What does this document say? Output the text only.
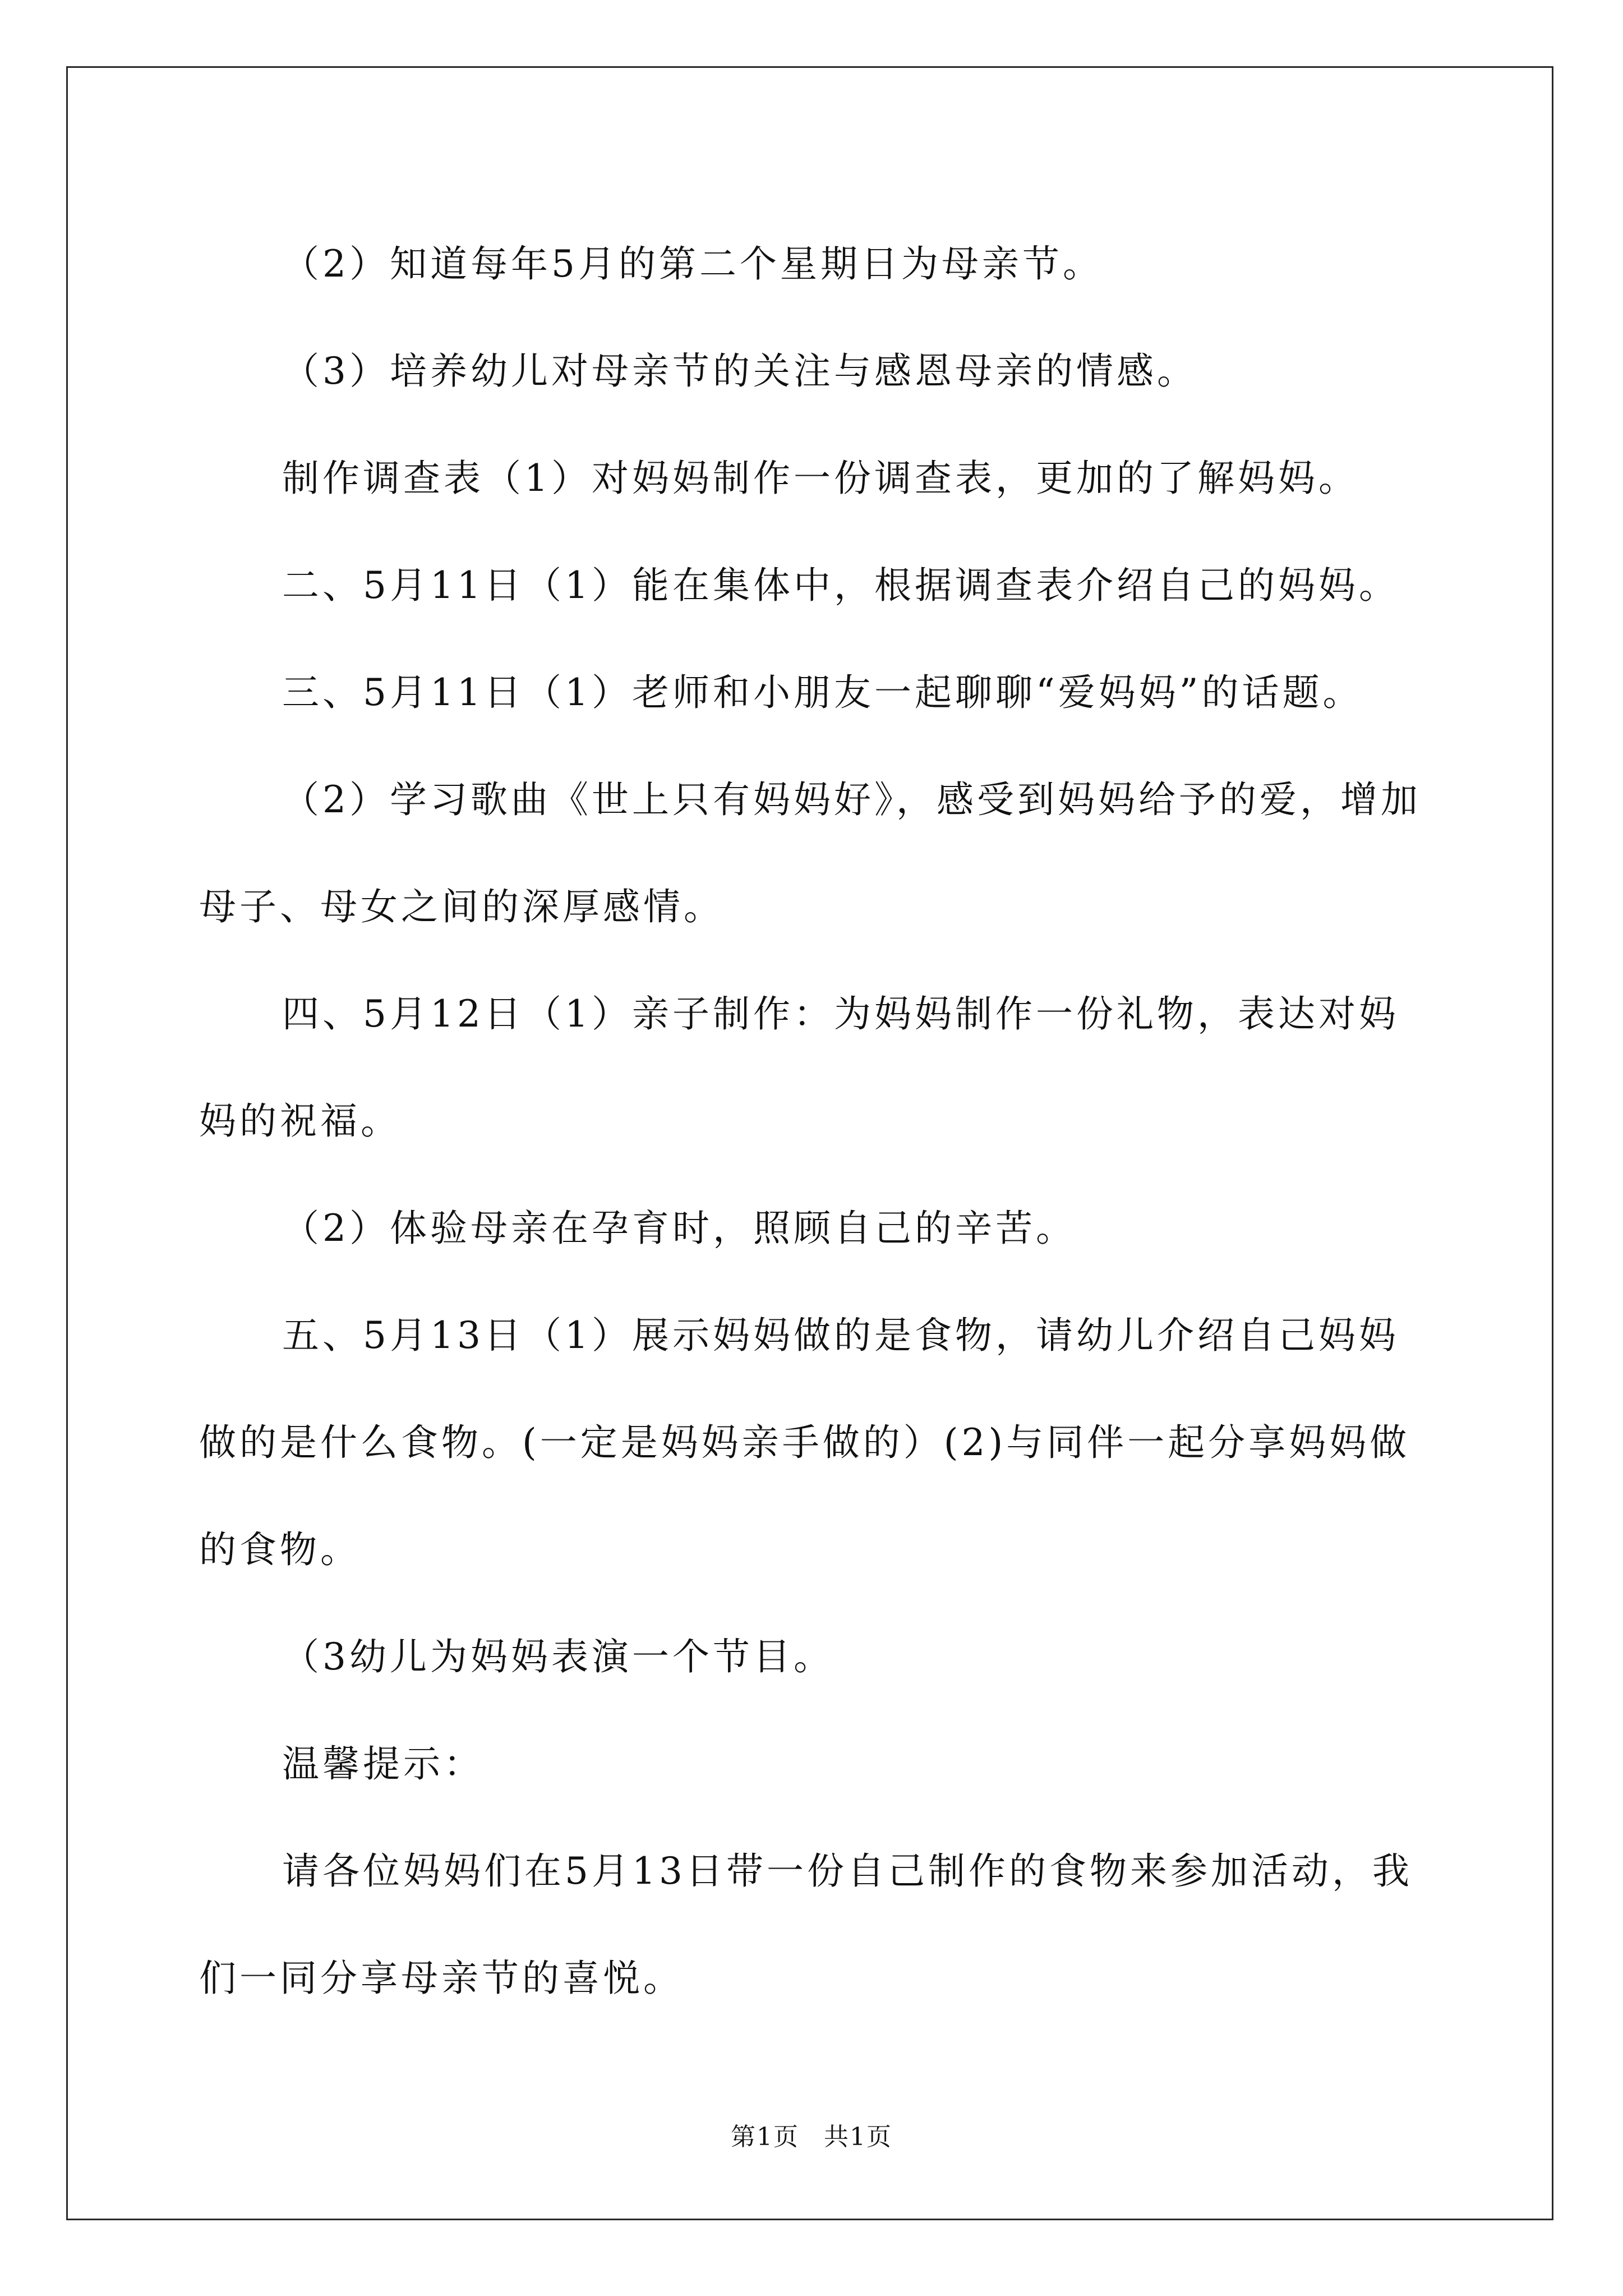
（2）知道每年5月的第二个星期日为母亲节。

（3）培养幼儿对母亲节的关注与感恩母亲的情感。

制作调查表（1）对妈妈制作一份调查表，更加的了解妈妈。

二、5月11日（1）能在集体中，根据调查表介绍自己的妈妈。

三、5月11日（1）老师和小朋友一起聊聊“爱妈妈”的话题。

（2）学习歌曲《世上只有妈妈好》，感受到妈妈给予的爱，增加母子、母女之间的深厚感情。

四、5月12日（1）亲子制作：为妈妈制作一份礼物，表达对妈妈的祝福。

（2）体验母亲在孕育时，照顾自己的辛苦。

五、5月13日（1）展示妈妈做的是食物，请幼儿介绍自己妈妈做的是什么食物。(一定是妈妈亲手做的）(2)与同伴一起分享妈妈做的食物。

（3幼儿为妈妈表演一个节目。

温馨提示：

请各位妈妈们在5月13日带一份自己制作的食物来参加活动，我们一同分享母亲节的喜悦。

第1页 共1页
